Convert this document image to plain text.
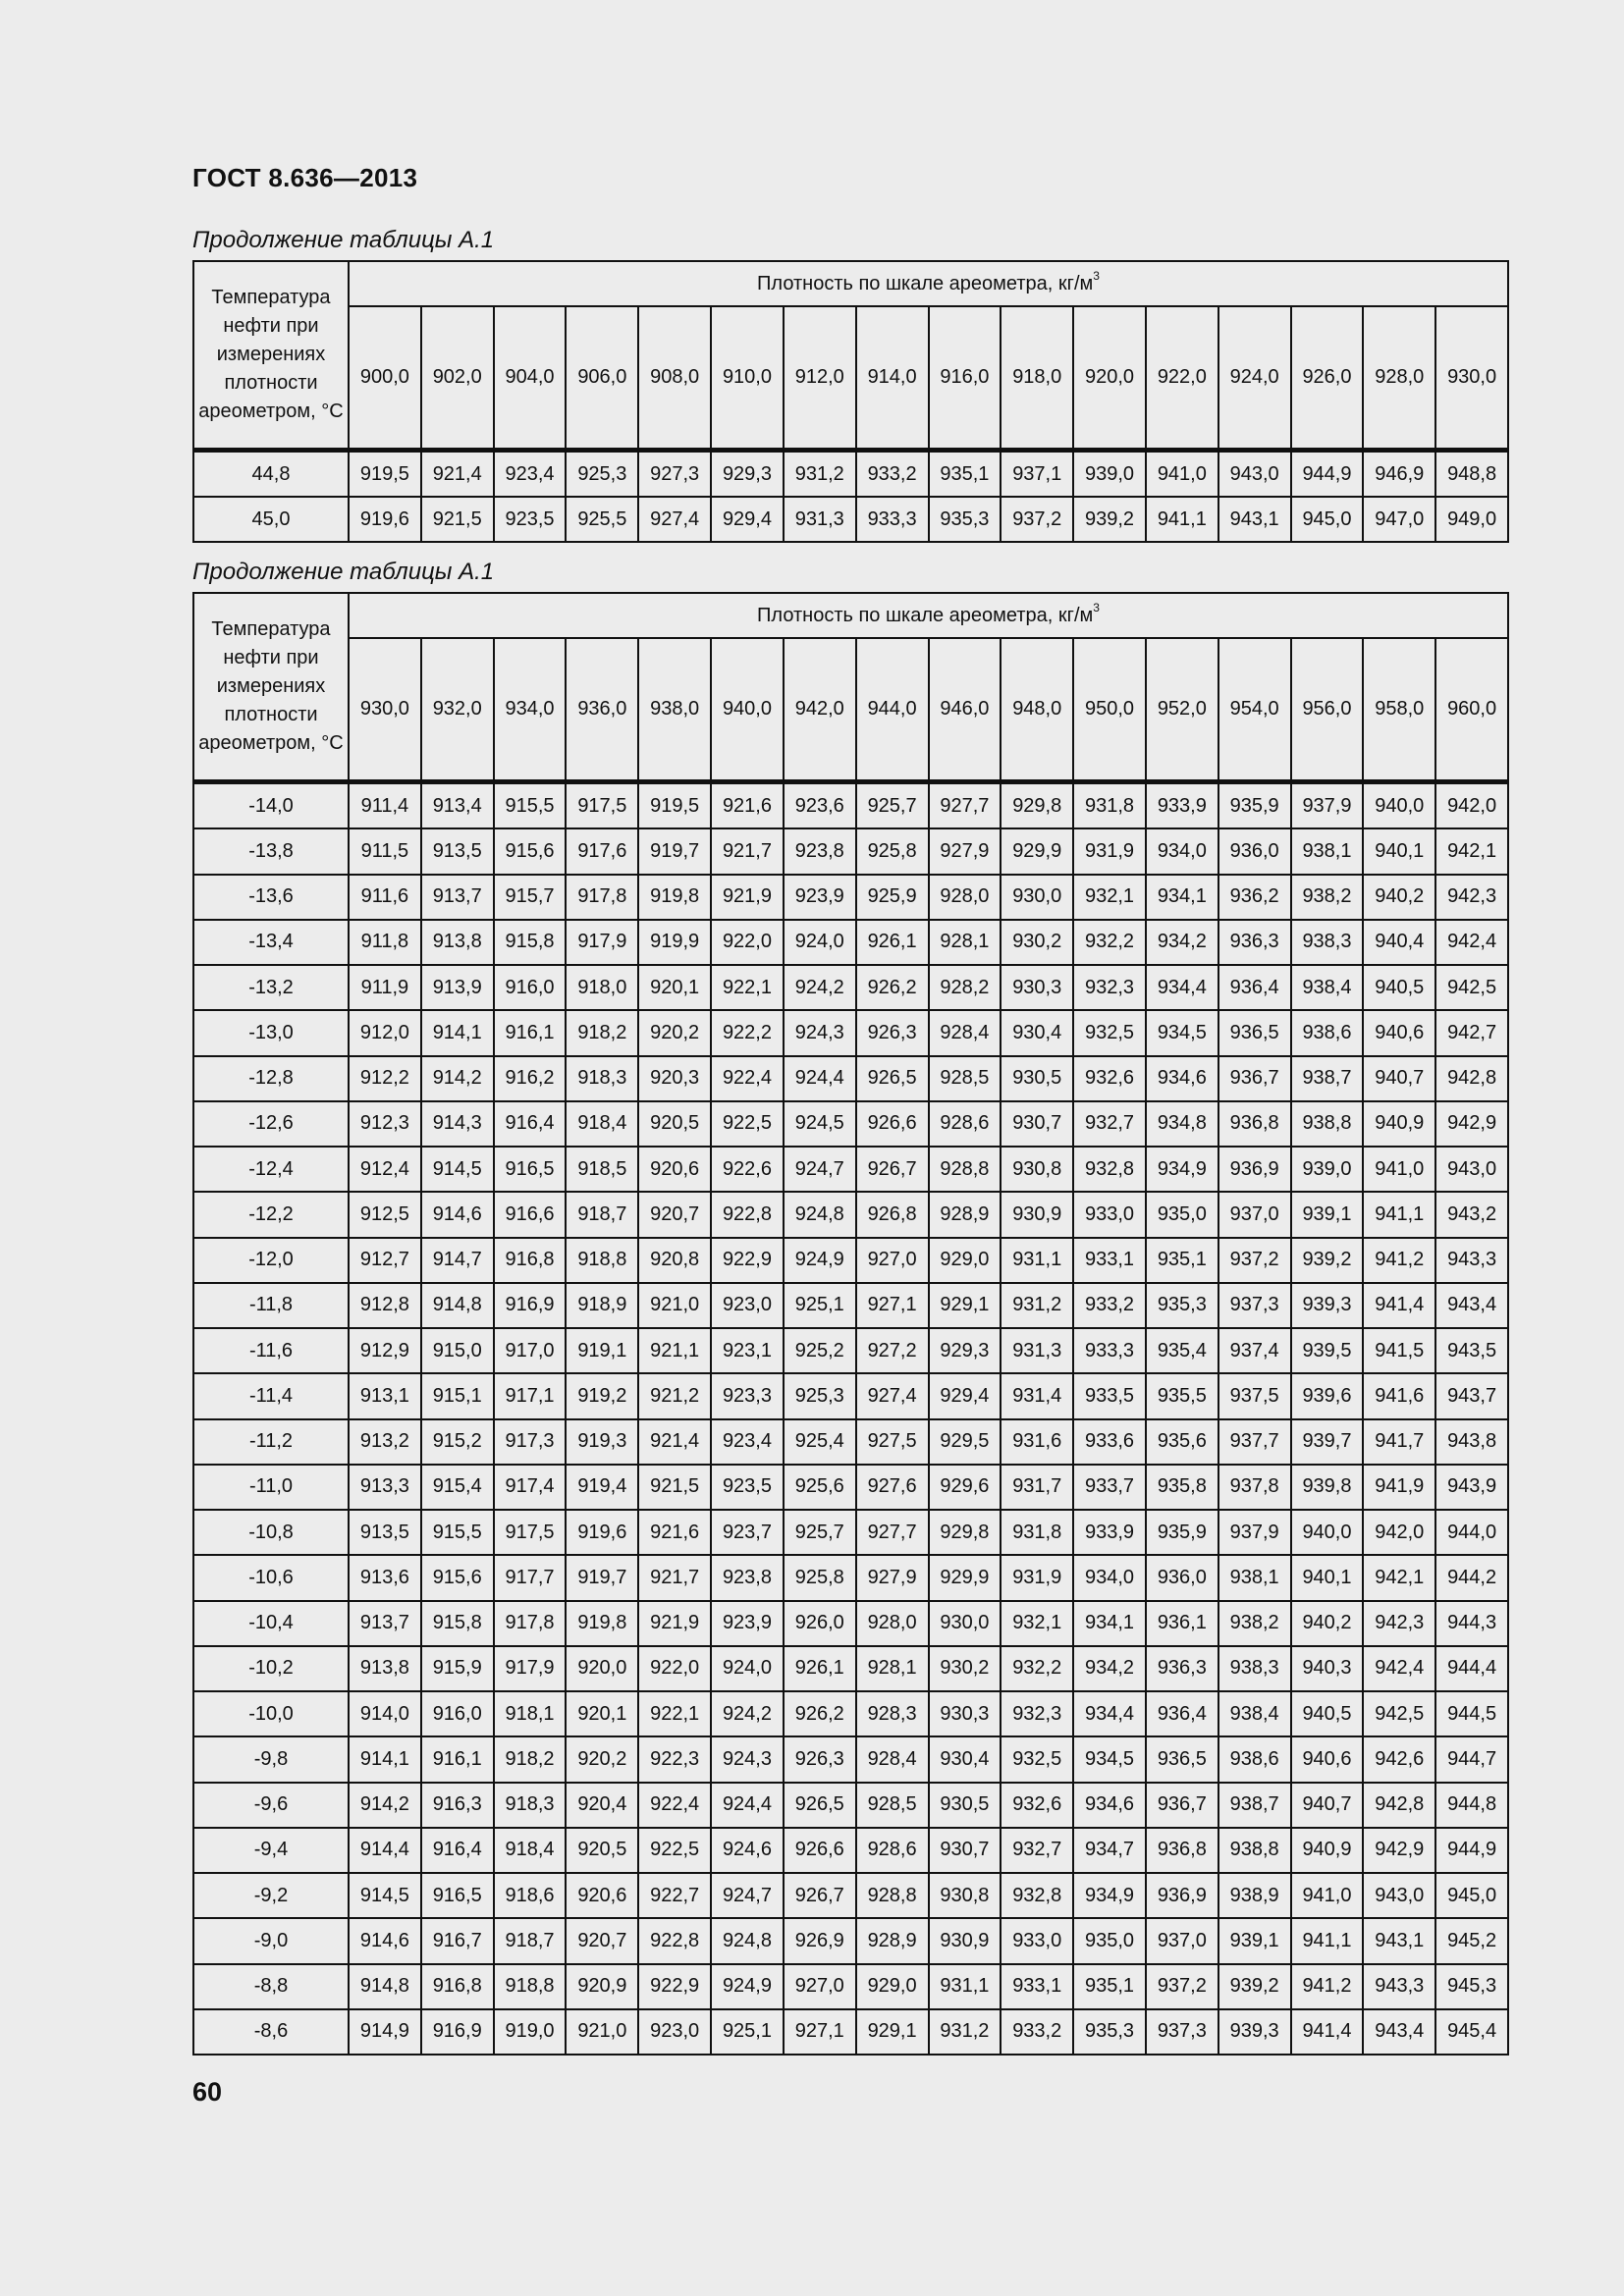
ГОСТ 8.636—2013
Продолжение таблицы А.1
Температура нефти при измерениях плотности ареометром, °С	Плотность по шкале ареометра, $кг/м^3$
	900,0	902,0	904,0	906,0	908,0	910,0	912,0	914,0	916,0	918,0	920,0	922,0	924,0	926,0	928,0	930,0
44,8	919,5	921,4	923,4	925,3	927,3	929,3	931,2	933,2	935,1	937,1	939,0	941,0	943,0	944,9	946,9	948,8
45,0	919,6	921,5	923,5	925,5	927,4	929,4	931,3	933,3	935,3	937,2	939,2	941,1	943,1	945,0	947,0	949,0
Продолжение таблицы А.1
Температура нефти при измерениях плотности ареометром, °С	Плотность по шкале ареометра, $кг/м^3$
	930,0	932,0	934,0	936,0	938,0	940,0	942,0	944,0	946,0	948,0	950,0	952,0	954,0	956,0	958,0	960,0
-14,0	911,4	913,4	915,5	917,5	919,5	921,6	923,6	925,7	927,7	929,8	931,8	933,9	935,9	937,9	940,0	942,0
-13,8	911,5	913,5	915,6	917,6	919,7	921,7	923,8	925,8	927,9	929,9	931,9	934,0	936,0	938,1	940,1	942,1
-13,6	911,6	913,7	915,7	917,8	919,8	921,9	923,9	925,9	928,0	930,0	932,1	934,1	936,2	938,2	940,2	942,3
-13,4	911,8	913,8	915,8	917,9	919,9	922,0	924,0	926,1	928,1	930,2	932,2	934,2	936,3	938,3	940,4	942,4
-13,2	911,9	913,9	916,0	918,0	920,1	922,1	924,2	926,2	928,2	930,3	932,3	934,4	936,4	938,4	940,5	942,5
-13,0	912,0	914,1	916,1	918,2	920,2	922,2	924,3	926,3	928,4	930,4	932,5	934,5	936,5	938,6	940,6	942,7
-12,8	912,2	914,2	916,2	918,3	920,3	922,4	924,4	926,5	928,5	930,5	932,6	934,6	936,7	938,7	940,7	942,8
-12,6	912,3	914,3	916,4	918,4	920,5	922,5	924,5	926,6	928,6	930,7	932,7	934,8	936,8	938,8	940,9	942,9
-12,4	912,4	914,5	916,5	918,5	920,6	922,6	924,7	926,7	928,8	930,8	932,8	934,9	936,9	939,0	941,0	943,0
-12,2	912,5	914,6	916,6	918,7	920,7	922,8	924,8	926,8	928,9	930,9	933,0	935,0	937,0	939,1	941,1	943,2
-12,0	912,7	914,7	916,8	918,8	920,8	922,9	924,9	927,0	929,0	931,1	933,1	935,1	937,2	939,2	941,2	943,3
-11,8	912,8	914,8	916,9	918,9	921,0	923,0	925,1	927,1	929,1	931,2	933,2	935,3	937,3	939,3	941,4	943,4
-11,6	912,9	915,0	917,0	919,1	921,1	923,1	925,2	927,2	929,3	931,3	933,3	935,4	937,4	939,5	941,5	943,5
-11,4	913,1	915,1	917,1	919,2	921,2	923,3	925,3	927,4	929,4	931,4	933,5	935,5	937,5	939,6	941,6	943,7
-11,2	913,2	915,2	917,3	919,3	921,4	923,4	925,4	927,5	929,5	931,6	933,6	935,6	937,7	939,7	941,7	943,8
-11,0	913,3	915,4	917,4	919,4	921,5	923,5	925,6	927,6	929,6	931,7	933,7	935,8	937,8	939,8	941,9	943,9
-10,8	913,5	915,5	917,5	919,6	921,6	923,7	925,7	927,7	929,8	931,8	933,9	935,9	937,9	940,0	942,0	944,0
-10,6	913,6	915,6	917,7	919,7	921,7	923,8	925,8	927,9	929,9	931,9	934,0	936,0	938,1	940,1	942,1	944,2
-10,4	913,7	915,8	917,8	919,8	921,9	923,9	926,0	928,0	930,0	932,1	934,1	936,1	938,2	940,2	942,3	944,3
-10,2	913,8	915,9	917,9	920,0	922,0	924,0	926,1	928,1	930,2	932,2	934,2	936,3	938,3	940,3	942,4	944,4
-10,0	914,0	916,0	918,1	920,1	922,1	924,2	926,2	928,3	930,3	932,3	934,4	936,4	938,4	940,5	942,5	944,5
-9,8	914,1	916,1	918,2	920,2	922,3	924,3	926,3	928,4	930,4	932,5	934,5	936,5	938,6	940,6	942,6	944,7
-9,6	914,2	916,3	918,3	920,4	922,4	924,4	926,5	928,5	930,5	932,6	934,6	936,7	938,7	940,7	942,8	944,8
-9,4	914,4	916,4	918,4	920,5	922,5	924,6	926,6	928,6	930,7	932,7	934,7	936,8	938,8	940,9	942,9	944,9
-9,2	914,5	916,5	918,6	920,6	922,7	924,7	926,7	928,8	930,8	932,8	934,9	936,9	938,9	941,0	943,0	945,0
-9,0	914,6	916,7	918,7	920,7	922,8	924,8	926,9	928,9	930,9	933,0	935,0	937,0	939,1	941,1	943,1	945,2
-8,8	914,8	916,8	918,8	920,9	922,9	924,9	927,0	929,0	931,1	933,1	935,1	937,2	939,2	941,2	943,3	945,3
-8,6	914,9	916,9	919,0	921,0	923,0	925,1	927,1	929,1	931,2	933,2	935,3	937,3	939,3	941,4	943,4	945,4
60
